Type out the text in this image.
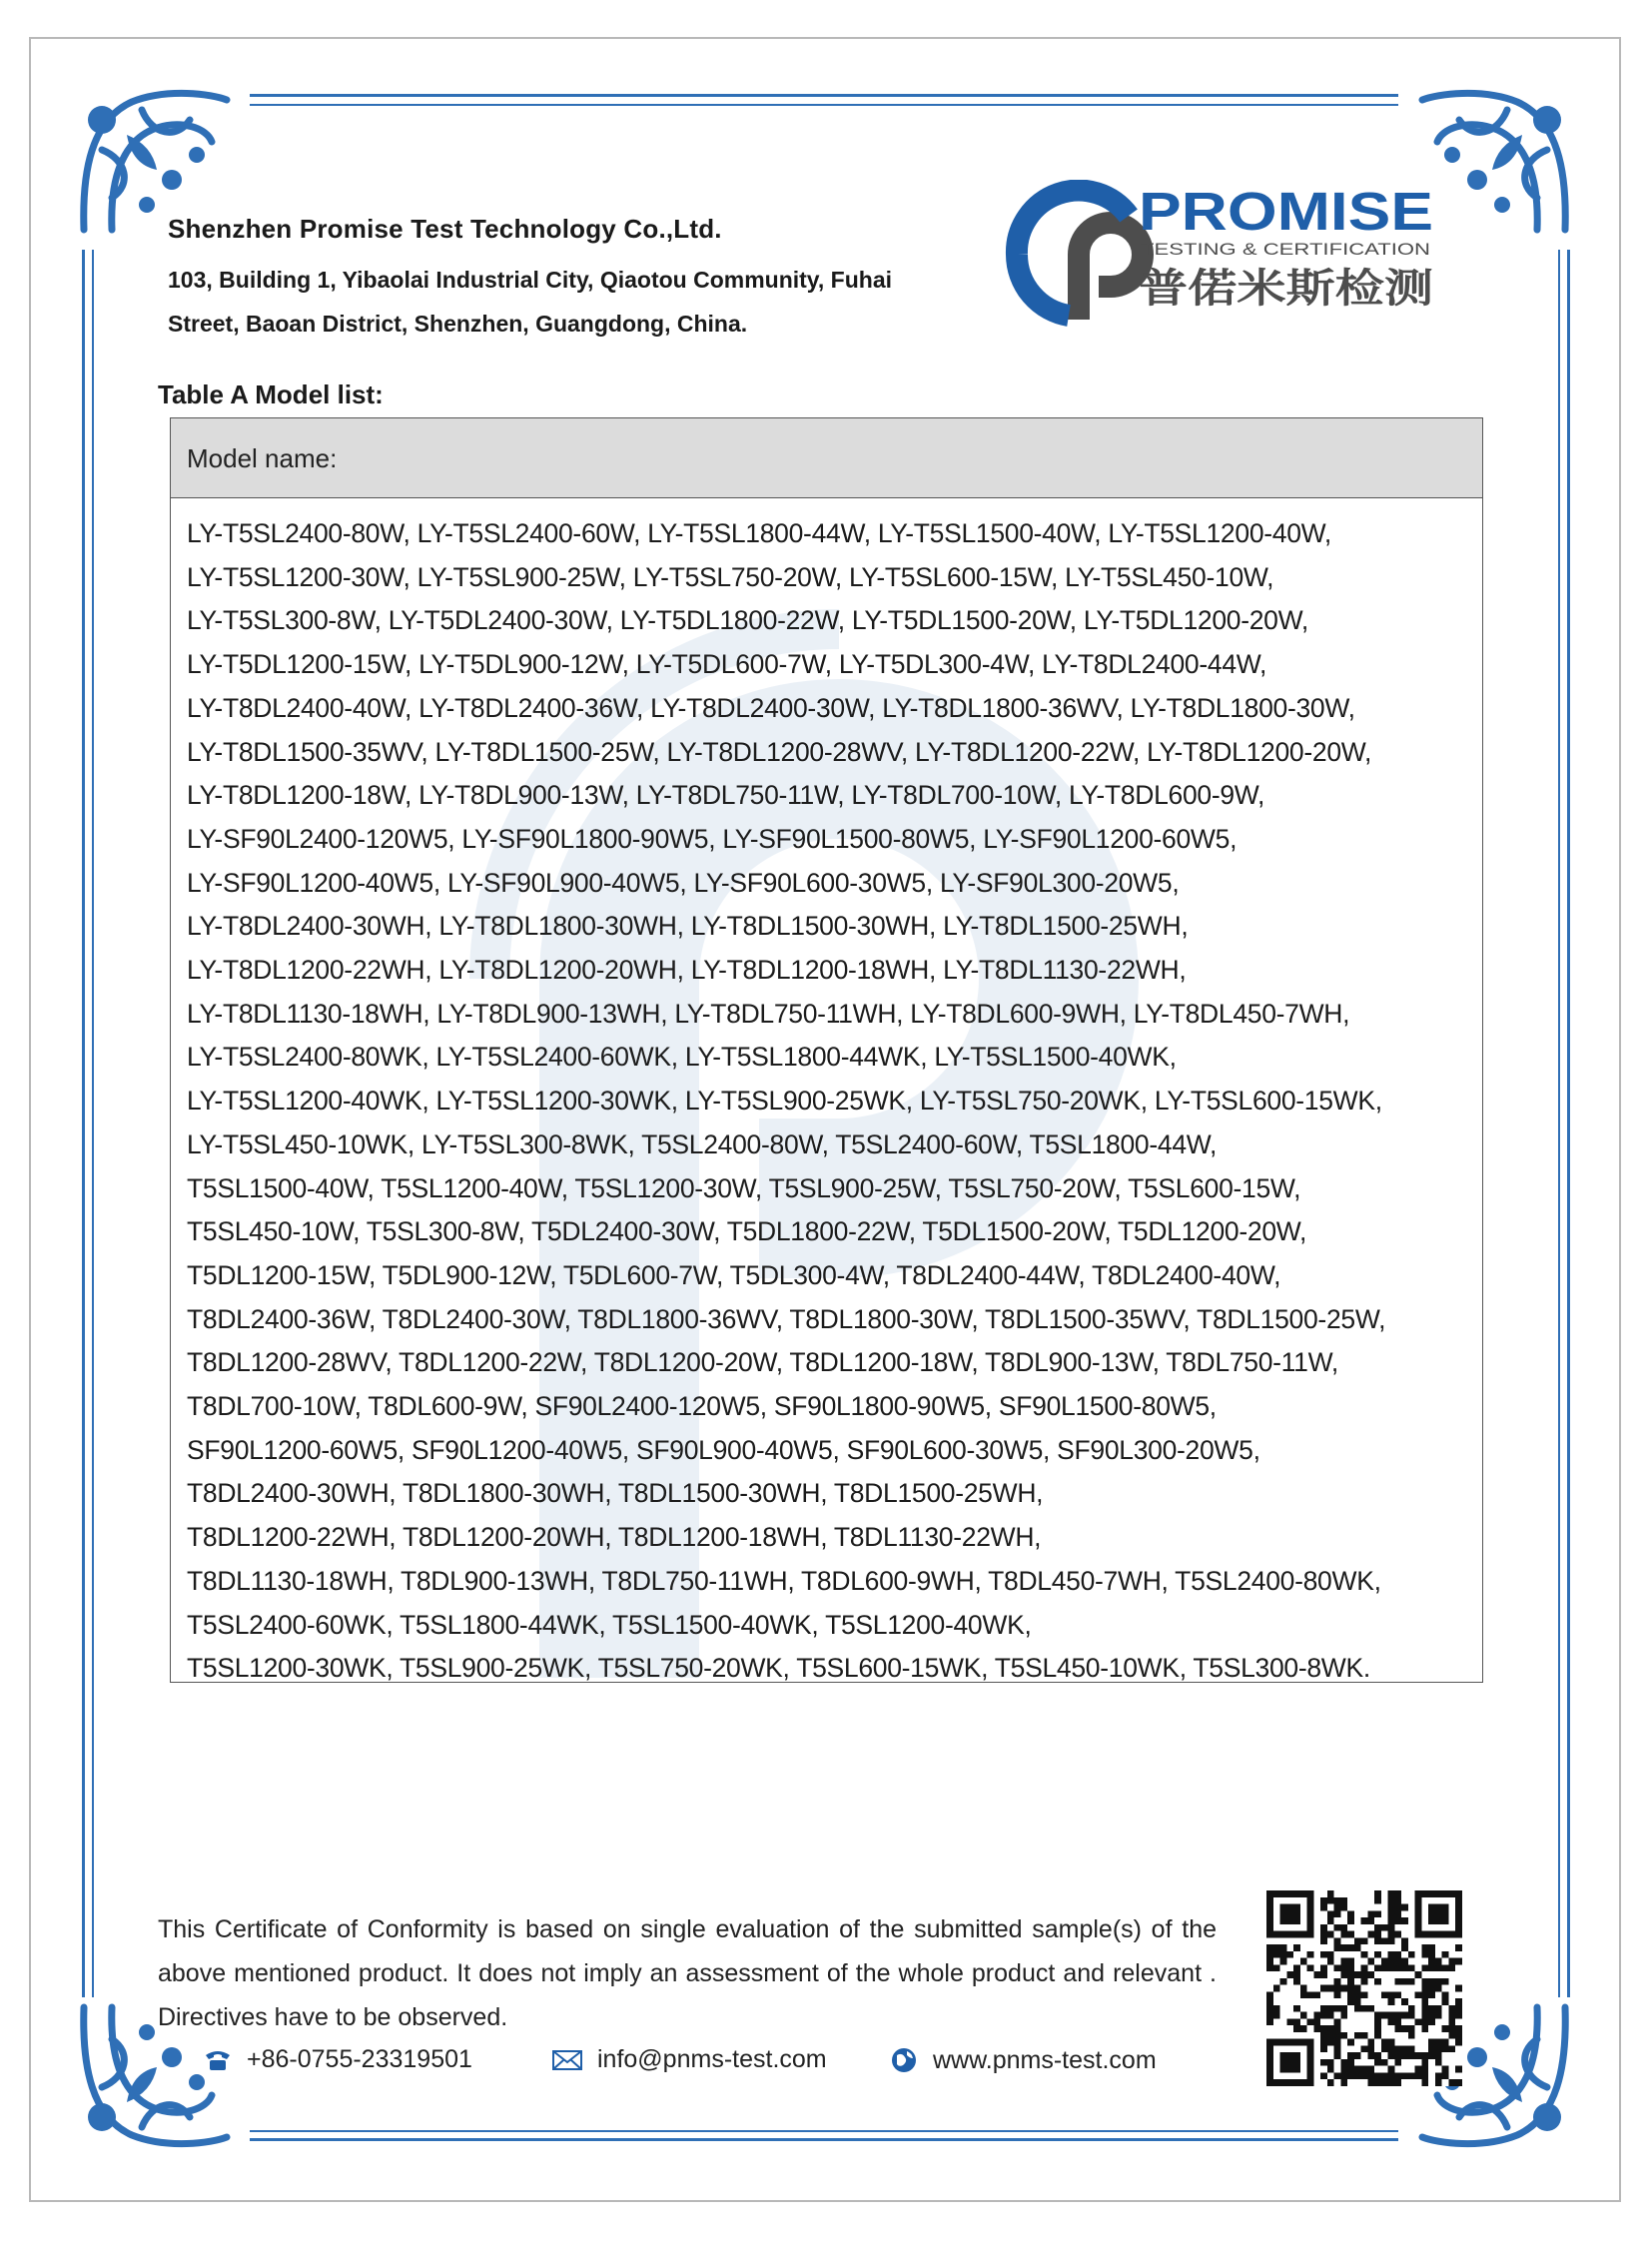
Shenzhen Promise Test Technology Co.,Ltd.
103, Building 1, Yibaolai Industrial City, Qiaotou Community, Fuhai
Street, Baoan District, Shenzhen, Guangdong, China.
PROMISE
TESTING & CERTIFICATION
普偌米斯检测
Table A Model list:
Model name:
LY-T5SL2400-80W, LY-T5SL2400-60W, LY-T5SL1800-44W, LY-T5SL1500-40W, LY-T5SL1200-40W,
LY-T5SL1200-30W, LY-T5SL900-25W, LY-T5SL750-20W, LY-T5SL600-15W, LY-T5SL450-10W,
LY-T5SL300-8W, LY-T5DL2400-30W, LY-T5DL1800-22W, LY-T5DL1500-20W, LY-T5DL1200-20W,
LY-T5DL1200-15W, LY-T5DL900-12W, LY-T5DL600-7W, LY-T5DL300-4W, LY-T8DL2400-44W,
LY-T8DL2400-40W, LY-T8DL2400-36W, LY-T8DL2400-30W, LY-T8DL1800-36WV, LY-T8DL1800-30W,
LY-T8DL1500-35WV, LY-T8DL1500-25W, LY-T8DL1200-28WV, LY-T8DL1200-22W, LY-T8DL1200-20W,
LY-T8DL1200-18W, LY-T8DL900-13W, LY-T8DL750-11W, LY-T8DL700-10W, LY-T8DL600-9W,
LY-SF90L2400-120W5, LY-SF90L1800-90W5, LY-SF90L1500-80W5, LY-SF90L1200-60W5,
LY-SF90L1200-40W5, LY-SF90L900-40W5, LY-SF90L600-30W5, LY-SF90L300-20W5,
LY-T8DL2400-30WH, LY-T8DL1800-30WH, LY-T8DL1500-30WH, LY-T8DL1500-25WH,
LY-T8DL1200-22WH, LY-T8DL1200-20WH, LY-T8DL1200-18WH, LY-T8DL1130-22WH,
LY-T8DL1130-18WH, LY-T8DL900-13WH, LY-T8DL750-11WH, LY-T8DL600-9WH, LY-T8DL450-7WH,
LY-T5SL2400-80WK, LY-T5SL2400-60WK, LY-T5SL1800-44WK, LY-T5SL1500-40WK,
LY-T5SL1200-40WK, LY-T5SL1200-30WK, LY-T5SL900-25WK, LY-T5SL750-20WK, LY-T5SL600-15WK,
LY-T5SL450-10WK, LY-T5SL300-8WK, T5SL2400-80W, T5SL2400-60W, T5SL1800-44W,
T5SL1500-40W, T5SL1200-40W, T5SL1200-30W, T5SL900-25W, T5SL750-20W, T5SL600-15W,
T5SL450-10W, T5SL300-8W, T5DL2400-30W, T5DL1800-22W, T5DL1500-20W, T5DL1200-20W,
T5DL1200-15W, T5DL900-12W, T5DL600-7W, T5DL300-4W, T8DL2400-44W, T8DL2400-40W,
T8DL2400-36W, T8DL2400-30W, T8DL1800-36WV, T8DL1800-30W, T8DL1500-35WV, T8DL1500-25W,
T8DL1200-28WV, T8DL1200-22W, T8DL1200-20W, T8DL1200-18W, T8DL900-13W, T8DL750-11W,
T8DL700-10W, T8DL600-9W, SF90L2400-120W5, SF90L1800-90W5, SF90L1500-80W5,
SF90L1200-60W5, SF90L1200-40W5, SF90L900-40W5, SF90L600-30W5, SF90L300-20W5,
T8DL2400-30WH, T8DL1800-30WH, T8DL1500-30WH, T8DL1500-25WH,
T8DL1200-22WH, T8DL1200-20WH, T8DL1200-18WH, T8DL1130-22WH,
T8DL1130-18WH, T8DL900-13WH, T8DL750-11WH, T8DL600-9WH, T8DL450-7WH, T5SL2400-80WK,
T5SL2400-60WK, T5SL1800-44WK, T5SL1500-40WK, T5SL1200-40WK,
T5SL1200-30WK, T5SL900-25WK, T5SL750-20WK, T5SL600-15WK, T5SL450-10WK, T5SL300-8WK.
This Certificate of Conformity is based on single evaluation of the submitted sample(s) of the above mentioned product. It does not imply an assessment of the whole product and relevant . Directives have to be observed.
+86-0755-23319501	info@pnms-test.com	www.pnms-test.com
